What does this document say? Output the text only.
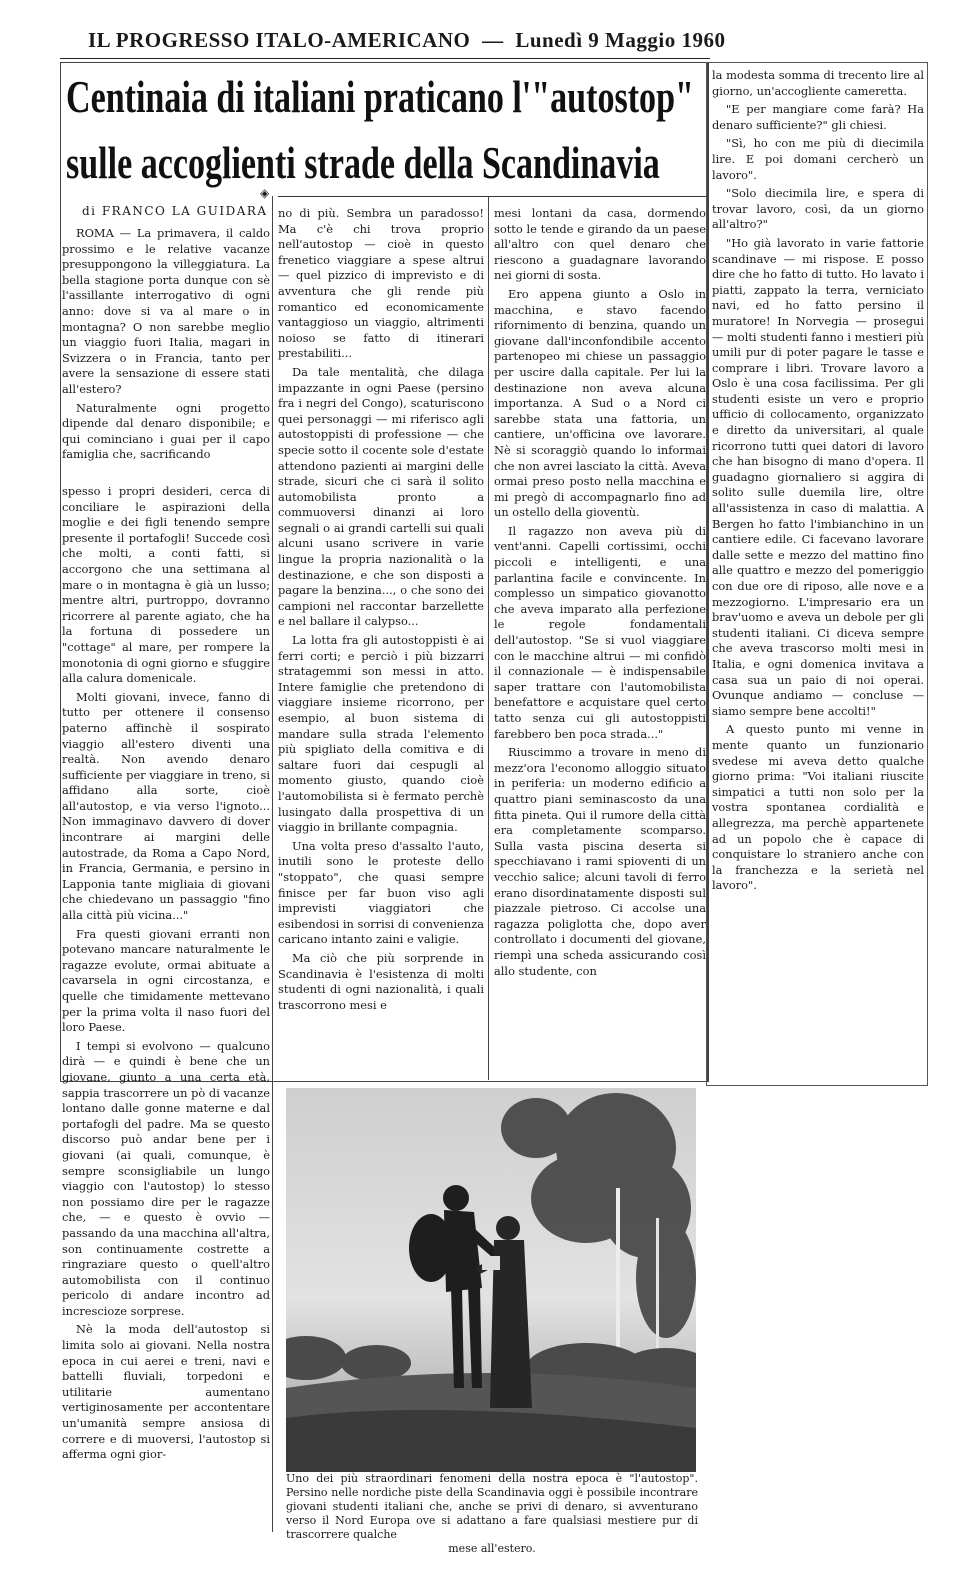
IL PROGRESSO ITALO-AMERICANO — Lunedì 9 Maggio 1960
Centinaia di italiani praticano l'"autostop"
sulle accoglienti strade della Scandinavia
di FRANCO LA GUIDARA
◈

ROMA — La primavera, il caldo prossimo e le relative vacanze presuppongono la villeggiatura. La bella stagione porta dunque con sè l'assillante interrogativo di ogni anno: dove si va al mare o in montagna? O non sarebbe meglio un viaggio fuori Italia, magari in Svizzera o in Francia, tanto per avere la sensazione di essere stati all'estero?

Naturalmente ogni progetto dipende dal denaro disponibile; e qui cominciano i guai per il capo famiglia che, sacrificando

spesso i propri desideri, cerca di conciliare le aspirazioni della moglie e dei figli tenendo sempre presente il portafogli! Succede così che molti, a conti fatti, si accorgono che una settimana al mare o in montagna è già un lusso; mentre altri, purtroppo, dovranno ricorrere al parente agiato, che ha la fortuna di possedere un "cottage" al mare, per rompere la monotonia di ogni giorno e sfuggire alla calura domenicale.

Molti giovani, invece, fanno di tutto per ottenere il consenso paterno affinchè il sospirato viaggio all'estero diventi una realtà. Non avendo denaro sufficiente per viaggiare in treno, si affidano alla sorte, cioè all'autostop, e via verso l'ignoto... Non immaginavo davvero di dover incontrare ai margini delle autostrade, da Roma a Capo Nord, in Francia, Germania, e persino in Lapponia tante migliaia di giovani che chiedevano un passaggio "fino alla città più vicina..."

Fra questi giovani erranti non potevano mancare naturalmente le ragazze evolute, ormai abituate a cavarsela in ogni circostanza, e quelle che timidamente mettevano per la prima volta il naso fuori del loro Paese.

I tempi si evolvono — qualcuno dirà — e quindi è bene che un giovane, giunto a una certa età, sappia trascorrere un pò di vacanze lontano dalle gonne materne e dal portafogli del padre. Ma se questo discorso può andar bene per i giovani (ai quali, comunque, è sempre sconsigliabile un lungo viaggio con l'autostop) lo stesso non possiamo dire per le ragazze che, — e questo è ovvio — passando da una macchina all'altra, son continuamente costrette a ringraziare questo o quell'altro automobilista con il continuo pericolo di andare incontro ad increscioze sorprese.

Nè la moda dell'autostop si limita solo ai giovani. Nella nostra epoca in cui aerei e treni, navi e battelli fluviali, torpedoni e utilitarie aumentano vertiginosamente per accontentare un'umanità sempre ansiosa di correre e di muoversi, l'autostop si afferma ogni gior-

no di più. Sembra un paradosso! Ma c'è chi trova proprio nell'autostop — cioè in questo frenetico viaggiare a spese altrui — quel pizzico di imprevisto e di avventura che gli rende più romantico ed economicamente vantaggioso un viaggio, altrimenti noioso se fatto di itinerari prestabiliti...

Da tale mentalità, che dilaga impazzante in ogni Paese (persino fra i negri del Congo), scaturiscono quei personaggi — mi riferisco agli autostoppisti di professione — che specie sotto il cocente sole d'estate attendono pazienti ai margini delle strade, sicuri che ci sarà il solito automobilista pronto a commuoversi dinanzi ai loro segnali o ai grandi cartelli sui quali alcuni usano scrivere in varie lingue la propria nazionalità o la destinazione, e che son disposti a pagare la benzina..., o che sono dei campioni nel raccontar barzellette e nel ballare il calypso...

La lotta fra gli autostoppisti è ai ferri corti; e perciò i più bizzarri stratagemmi son messi in atto. Intere famiglie che pretendono di viaggiare insieme ricorrono, per esempio, al buon sistema di mandare sulla strada l'elemento più spigliato della comitiva e di saltare fuori dai cespugli al momento giusto, quando cioè l'automobilista si è fermato perchè lusingato dalla prospettiva di un viaggio in brillante compagnia.

Una volta preso d'assalto l'auto, inutili sono le proteste dello "stoppato", che quasi sempre finisce per far buon viso agli imprevisti viaggiatori che esibendosi in sorrisi di convenienza caricano intanto zaini e valigie.

Ma ciò che più sorprende in Scandinavia è l'esistenza di molti studenti di ogni nazionalità, i quali trascorrono mesi e

mesi lontani da casa, dormendo sotto le tende e girando da un paese all'altro con quel denaro che riescono a guadagnare lavorando nei giorni di sosta.

Ero appena giunto a Oslo in macchina, e stavo facendo rifornimento di benzina, quando un giovane dall'inconfondibile accento partenopeo mi chiese un passaggio per uscire dalla capitale. Per lui la destinazione non aveva alcuna importanza. A Sud o a Nord ci sarebbe stata una fattoria, un cantiere, un'officina ove lavorare. Nè si scoraggiò quando lo informai che non avrei lasciato la città. Aveva ormai preso posto nella macchina e mi pregò di accompagnarlo fino ad un ostello della gioventù.

Il ragazzo non aveva più di vent'anni. Capelli cortissimi, occhi piccoli e intelligenti, e una parlantina facile e convincente. In complesso un simpatico giovanotto che aveva imparato alla perfezione le regole fondamentali dell'autostop. "Se si vuol viaggiare con le macchine altrui — mi confidò il connazionale — è indispensabile saper trattare con l'automobilista benefattore e acquistare quel certo tatto senza cui gli autostoppisti farebbero ben poca strada..."

Riuscimmo a trovare in meno di mezz'ora l'economo alloggio situato in periferia: un moderno edificio a quattro piani seminascosto da una fitta pineta. Qui il rumore della città era completamente scomparso. Sulla vasta piscina deserta si specchiavano i rami spioventi di un vecchio salice; alcuni tavoli di ferro erano disordinatamente disposti sul piazzale pietroso. Ci accolse una ragazza poliglotta che, dopo aver controllato i documenti del giovane, riempì una scheda assicurando così allo studente, con

la modesta somma di trecento lire al giorno, un'accogliente cameretta.

"E per mangiare come farà? Ha denaro sufficiente?" gli chiesi.

"Sì, ho con me più di diecimila lire. E poi domani cercherò un lavoro".

"Solo diecimila lire, e spera di trovar lavoro, così, da un giorno all'altro?"

"Ho già lavorato in varie fattorie scandinave — mi rispose. E posso dire che ho fatto di tutto. Ho lavato i piatti, zappato la terra, verniciato navi, ed ho fatto persino il muratore! In Norvegia — prosegui — molti studenti fanno i mestieri più umili pur di poter pagare le tasse e comprare i libri. Trovare lavoro a Oslo è una cosa facilissima. Per gli studenti esiste un vero e proprio ufficio di collocamento, organizzato e diretto da universitari, al quale ricorrono tutti quei datori di lavoro che han bisogno di mano d'opera. Il guadagno giornaliero si aggira di solito sulle duemila lire, oltre all'assistenza in caso di malattia. A Bergen ho fatto l'imbianchino in un cantiere edile. Ci facevano lavorare dalle sette e mezzo del mattino fino alle quattro e mezzo del pomeriggio con due ore di riposo, alle nove e a mezzogiorno. L'impresario era un brav'uomo e aveva un debole per gli studenti italiani. Ci diceva sempre che aveva trascorso molti mesi in Italia, e ogni domenica invitava a casa sua un paio di noi operai. Ovunque andiamo — concluse — siamo sempre bene accolti!"

A questo punto mi venne in mente quanto un funzionario svedese mi aveva detto qualche giorno prima: "Voi italiani riuscite simpatici a tutti non solo per la vostra spontanea cordialità e allegrezza, ma perchè appartenete ad un popolo che è capace di conquistare lo straniero anche con la franchezza e la serietà nel lavoro".

Uno dei più straordinari fenomeni della nostra epoca è "l'autostop". Persino nelle nordiche piste della Scandinavia oggi è possibile incontrare giovani studenti italiani che, anche se privi di denaro, si avventurano verso il Nord Europa ove si adattano a fare qualsiasi mestiere pur di trascorrere qualche
mese all'estero.
